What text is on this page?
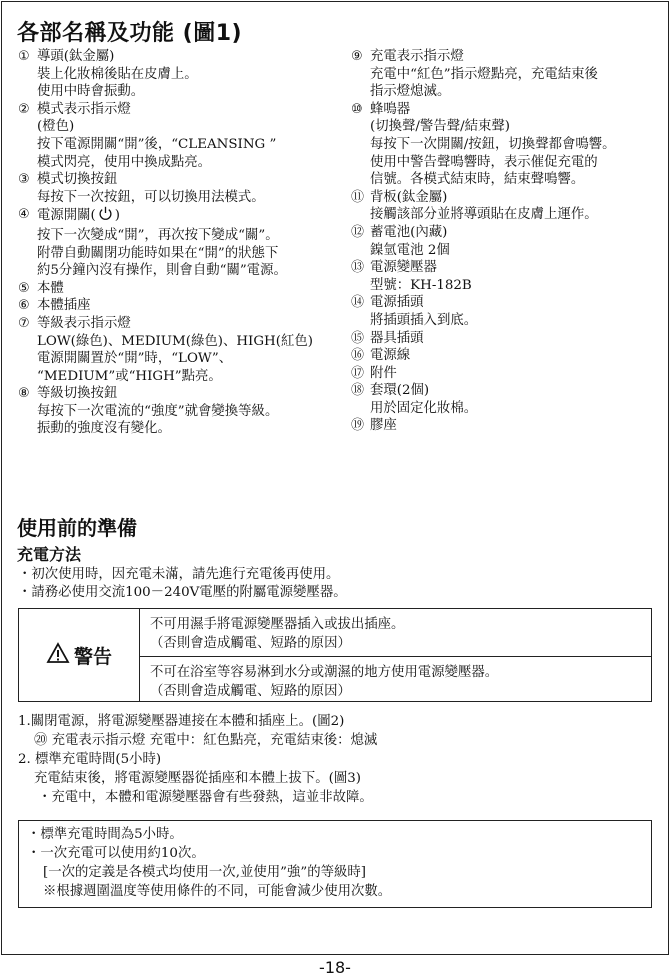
各部名稱及功能 (圖1)
① 導頭(鈦金屬)
裝上化妝棉後貼在皮膚上。
使用中時會振動。
② 模式表示指示燈
(橙色)
按下電源開關“開”後，“CLEANSING ”
模式閃亮，使用中換成點亮。
③ 模式切換按鈕
每按下一次按鈕，可以切換用法模式。
④ 電源開關( )
按下一次變成“開”，再次按下變成“關”。
附帶自動關閉功能時如果在“開”的狀態下
約5分鐘內沒有操作，則會自動“關”電源。
⑤ 本體
⑥ 本體插座
⑦ 等級表示指示燈
LOW(綠色)、MEDIUM(綠色)、HIGH(紅色)
電源開關置於“開”時，“LOW”、
“MEDIUM”或“HIGH”點亮。
⑧ 等級切換按鈕
每按下一次電流的“強度”就會變換等級。
振動的強度沒有變化。
⑨ 充電表示指示燈
充電中“紅色”指示燈點亮，充電結束後
指示燈熄滅。
⑩ 蜂鳴器
(切換聲/警告聲/結束聲)
每按下一次開關/按鈕，切換聲都會鳴響。
使用中警告聲鳴響時，表示催促充電的
信號。各模式結束時，結束聲鳴響。
⑪ 背板(鈦金屬)
接觸該部分並將導頭貼在皮膚上運作。
⑫ 蓄電池(內藏)
鎳氫電池 2個
⑬ 電源變壓器
型號：KH-182B
⑭ 電源插頭
將插頭插入到底。
⑮ 器具插頭
⑯ 電源線
⑰ 附件
⑱ 套環(2個)
用於固定化妝棉。
⑲ 膠座
使用前的準備
充電方法
・初次使用時，因充電未滿，請先進行充電後再使用。
・請務必使用交流100－240V電壓的附屬電源變壓器。
警告
不可用濕手將電源變壓器插入或拔出插座。
（否則會造成觸電、短路的原因）
不可在浴室等容易淋到水分或潮濕的地方使用電源變壓器。
（否則會造成觸電、短路的原因）
1.關閉電源，將電源變壓器連接在本體和插座上。(圖2)
⑳ 充電表示指示燈 充電中：紅色點亮，充電結束後：熄滅
2. 標準充電時間(5小時)
充電結束後，將電源變壓器從插座和本體上拔下。(圖3)
・充電中，本體和電源變壓器會有些發熱，這並非故障。
・標準充電時間為5小時。
・一次充電可以使用約10次。
[一次的定義是各模式均使用一次,並使用”強”的等級時]
※根據週圍溫度等使用條件的不同，可能會減少使用次數。
-18-
